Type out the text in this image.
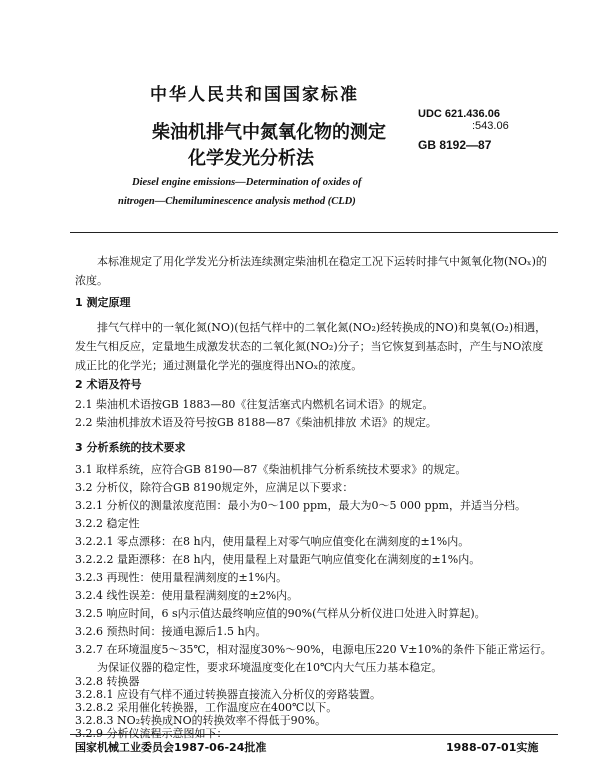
中华人民共和国国家标准
柴油机排气中氮氧化物的测定
化学发光分析法
UDC 621.436.06
:543.06
GB 8192—87
Diesel engine emissions—Determination of oxides of
nitrogen—Chemiluminescence analysis method (CLD)
本标准规定了用化学发光分析法连续测定柴油机在稳定工况下运转时排气中氮氧化物(NOₓ)的浓度。
1 测定原理
排气气样中的一氧化氮(NO)(包括气样中的二氧化氮(NO₂)经转换成的NO)和臭氧(O₂)相遇，发生气相反应，定量地生成激发状态的二氧化氮(NO₂)分子；当它恢复到基态时，产生与NO浓度成正比的化学光；通过测量化学光的强度得出NOₓ的浓度。
2 术语及符号
2.1 柴油机术语按GB 1883—80《往复活塞式内燃机名词术语》的规定。
2.2 柴油机排放术语及符号按GB 8188—87《柴油机排放 术语》的规定。
3 分析系统的技术要求
3.1 取样系统，应符合GB 8190—87《柴油机排气分析系统技术要求》的规定。
3.2 分析仪，除符合GB 8190规定外，应满足以下要求：
3.2.1 分析仪的测量浓度范围：最小为0～100 ppm，最大为0～5 000 ppm，并适当分档。
3.2.2 稳定性
3.2.2.1 零点漂移：在8 h内，使用量程上对零气响应值变化在满刻度的±1%内。
3.2.2.2 量距漂移：在8 h内，使用量程上对量距气响应值变化在满刻度的±1%内。
3.2.3 再现性：使用量程满刻度的±1%内。
3.2.4 线性误差：使用量程满刻度的±2%内。
3.2.5 响应时间，6 s内示值达最终响应值的90%(气样从分析仪进口处进入时算起)。
3.2.6 预热时间：接通电源后1.5 h内。
3.2.7 在环境温度5～35℃，相对湿度30%～90%，电源电压220 V±10%的条件下能正常运行。
为保证仪器的稳定性，要求环境温度变化在10℃内大气压力基本稳定。
3.2.8 转换器
3.2.8.1 应设有气样不通过转换器直接流入分析仪的旁路装置。
3.2.8.2 采用催化转换器，工作温度应在400℃以下。
国家机械工业委员会1987-06-24批准	1988-07-01实施
3.2.8.3 NO₂转换成NO的转换效率不得低于90%。
3.2.9 分析仪流程示意图如下：
